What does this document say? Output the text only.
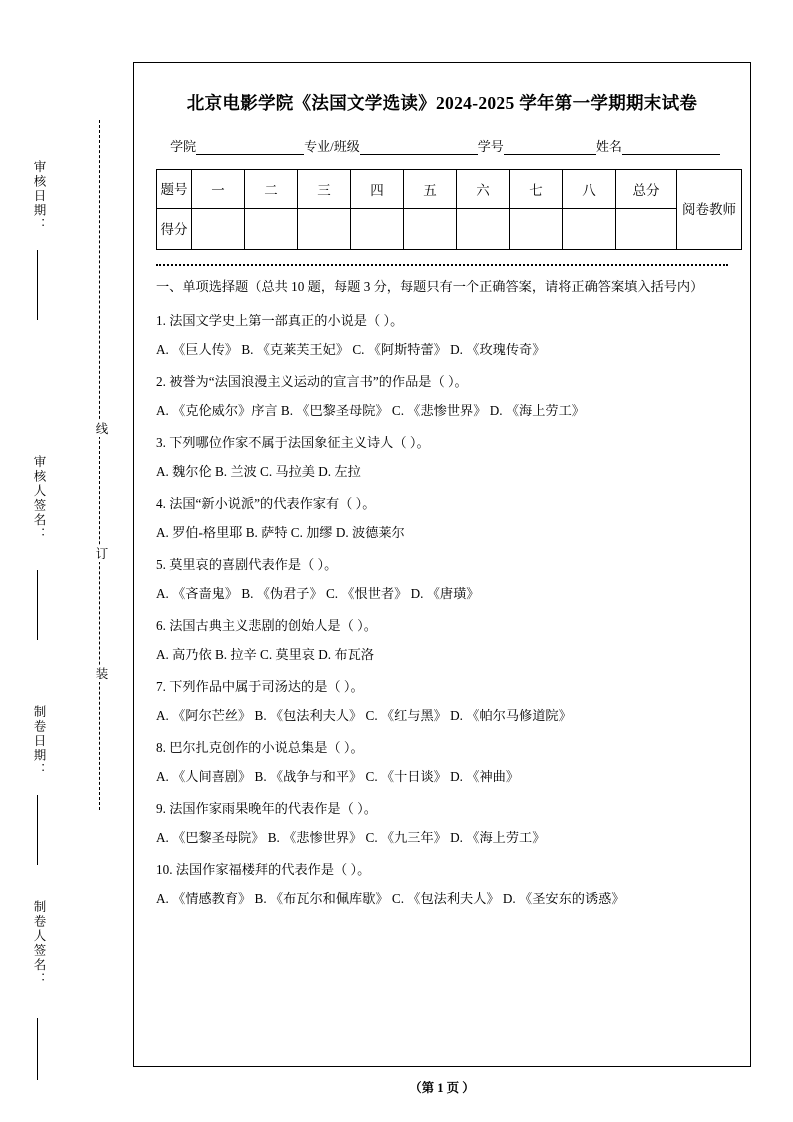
审核日期：
审核人签名：
制卷日期：
制卷人签名：
线
订
装
北京电影学院《法国文学选读》2024‑2025 学年第一学期期末试卷
学院	专业/班级	学号	姓名
题号	一	二	三	四	五	六	七	八	总分	阅卷教师
得分										
一、单项选择题（总共 10 题，每题 3 分，每题只有一个正确答案，请将正确答案填入括号内）
1. 法国文学史上第一部真正的小说是（ ）。
A. 《巨人传》 B. 《克莱芙王妃》 C. 《阿斯特蕾》 D. 《玫瑰传奇》
2. 被誉为“法国浪漫主义运动的宣言书”的作品是（ ）。
A. 《克伦威尔》序言 B. 《巴黎圣母院》 C. 《悲惨世界》 D. 《海上劳工》
3. 下列哪位作家不属于法国象征主义诗人（ ）。
A. 魏尔伦 B. 兰波 C. 马拉美 D. 左拉
4. 法国“新小说派”的代表作家有（ ）。
A. 罗伯‑格里耶 B. 萨特 C. 加缪 D. 波德莱尔
5. 莫里哀的喜剧代表作是（ ）。
A. 《吝啬鬼》 B. 《伪君子》 C. 《恨世者》 D. 《唐璜》
6. 法国古典主义悲剧的创始人是（ ）。
A. 高乃依 B. 拉辛 C. 莫里哀 D. 布瓦洛
7. 下列作品中属于司汤达的是（ ）。
A. 《阿尔芒丝》 B. 《包法利夫人》 C. 《红与黑》 D. 《帕尔马修道院》
8. 巴尔扎克创作的小说总集是（ ）。
A. 《人间喜剧》 B. 《战争与和平》 C. 《十日谈》 D. 《神曲》
9. 法国作家雨果晚年的代表作是（ ）。
A. 《巴黎圣母院》 B. 《悲惨世界》 C. 《九三年》 D. 《海上劳工》
10. 法国作家福楼拜的代表作是（ ）。
A. 《情感教育》 B. 《布瓦尔和佩库歇》 C. 《包法利夫人》 D. 《圣安东的诱惑》
（第 1 页 ）
